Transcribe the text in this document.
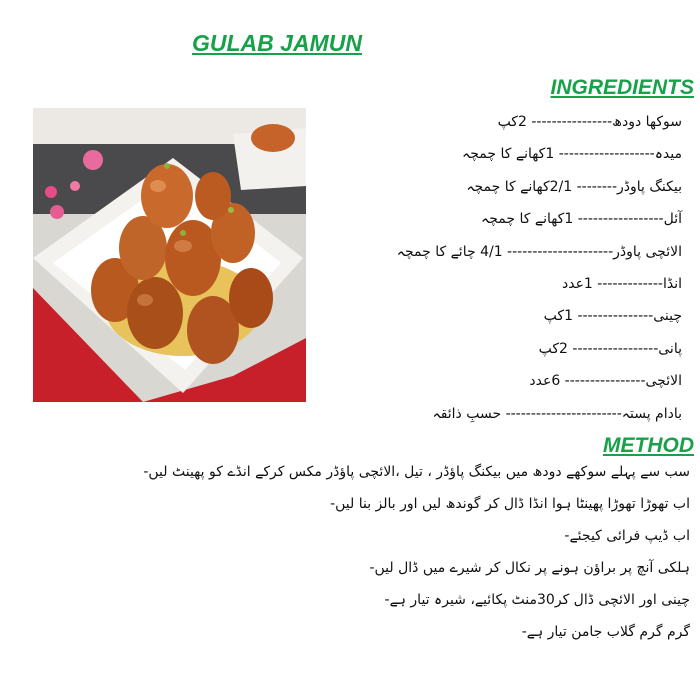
GULAB JAMUN
INGREDIENTS
سوکھا دودھ---------------- 2کپ
میدہ------------------- 1کھانے کا چمچہ
بیکنگ پاوڈر-------- 2/1کھانے کا چمچہ
آئل----------------- 1کھانے کا چمچہ
الائچی پاوڈر--------------------- 4/1 چائے کا چمچہ
انڈا------------- 1عدد
چینی--------------- 1کپ
پانی----------------- 2کپ
الائچی---------------- 6عدد
بادام پستہ----------------------- حسبِ ذائقہ
METHOD
سب سے پہلے سوکھے دودھ میں بیکنگ پاؤڈر ، تیل ،الائچی پاؤڈر مکس کرکے انڈے کو پھینٹ لیں-
اب تھوڑا تھوڑا پھینٹا ہوا انڈا ڈال کر گوندھ لیں اور بالز بنا لیں-
اب ڈیپ فرائی کیجئے-
ہلکی آنچ پر براؤن ہونے پر نکال کر شیرے میں ڈال لیں-
چینی اور الائچی ڈال کر30منٹ پکائیے، شیرہ تیار ہے-
گرم گرم گلاب جامن تیار ہے-
